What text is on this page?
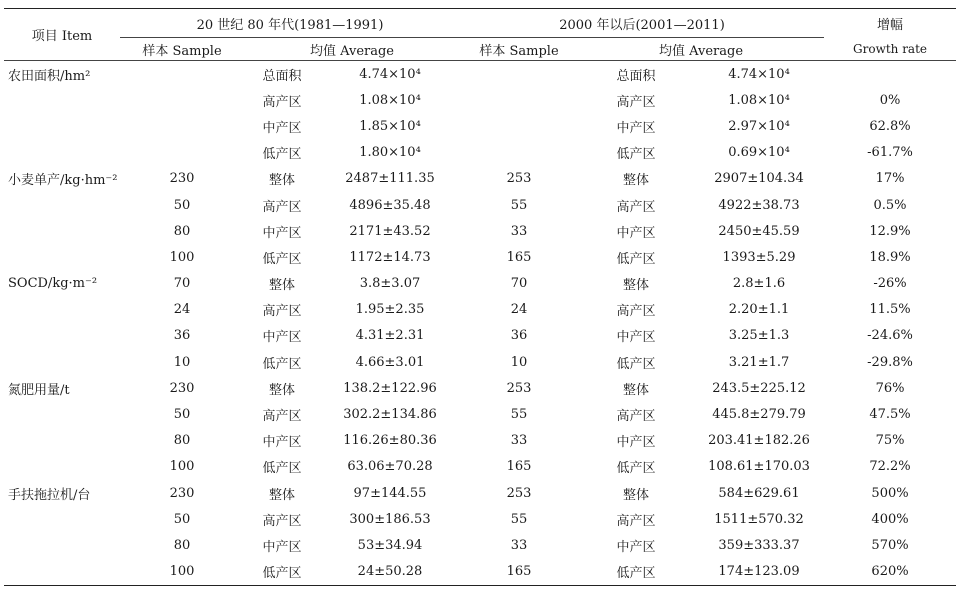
项目 Item	20 世纪 80 年代(1981—1991)			2000 年以后(2001—2011)			增幅
	样本 Sample	均值 Average		样本 Sample	均值 Average		Growth rate
农田面积/hm²		总面积	4.74×10⁴		总面积	4.74×10⁴	
		高产区	1.08×10⁴		高产区	1.08×10⁴	0%
		中产区	1.85×10⁴		中产区	2.97×10⁴	62.8%
		低产区	1.80×10⁴		低产区	0.69×10⁴	-61.7%
小麦单产/kg·hm⁻²	230	整体	2487±111.35	253	整体	2907±104.34	17%
	50	高产区	4896±35.48	55	高产区	4922±38.73	0.5%
	80	中产区	2171±43.52	33	中产区	2450±45.59	12.9%
	100	低产区	1172±14.73	165	低产区	1393±5.29	18.9%
SOCD/kg·m⁻²	70	整体	3.8±3.07	70	整体	2.8±1.6	-26%
	24	高产区	1.95±2.35	24	高产区	2.20±1.1	11.5%
	36	中产区	4.31±2.31	36	中产区	3.25±1.3	-24.6%
	10	低产区	4.66±3.01	10	低产区	3.21±1.7	-29.8%
氮肥用量/t	230	整体	138.2±122.96	253	整体	243.5±225.12	76%
	50	高产区	302.2±134.86	55	高产区	445.8±279.79	47.5%
	80	中产区	116.26±80.36	33	中产区	203.41±182.26	75%
	100	低产区	63.06±70.28	165	低产区	108.61±170.03	72.2%
手扶拖拉机/台	230	整体	97±144.55	253	整体	584±629.61	500%
	50	高产区	300±186.53	55	高产区	1511±570.32	400%
	80	中产区	53±34.94	33	中产区	359±333.37	570%
	100	低产区	24±50.28	165	低产区	174±123.09	620%
